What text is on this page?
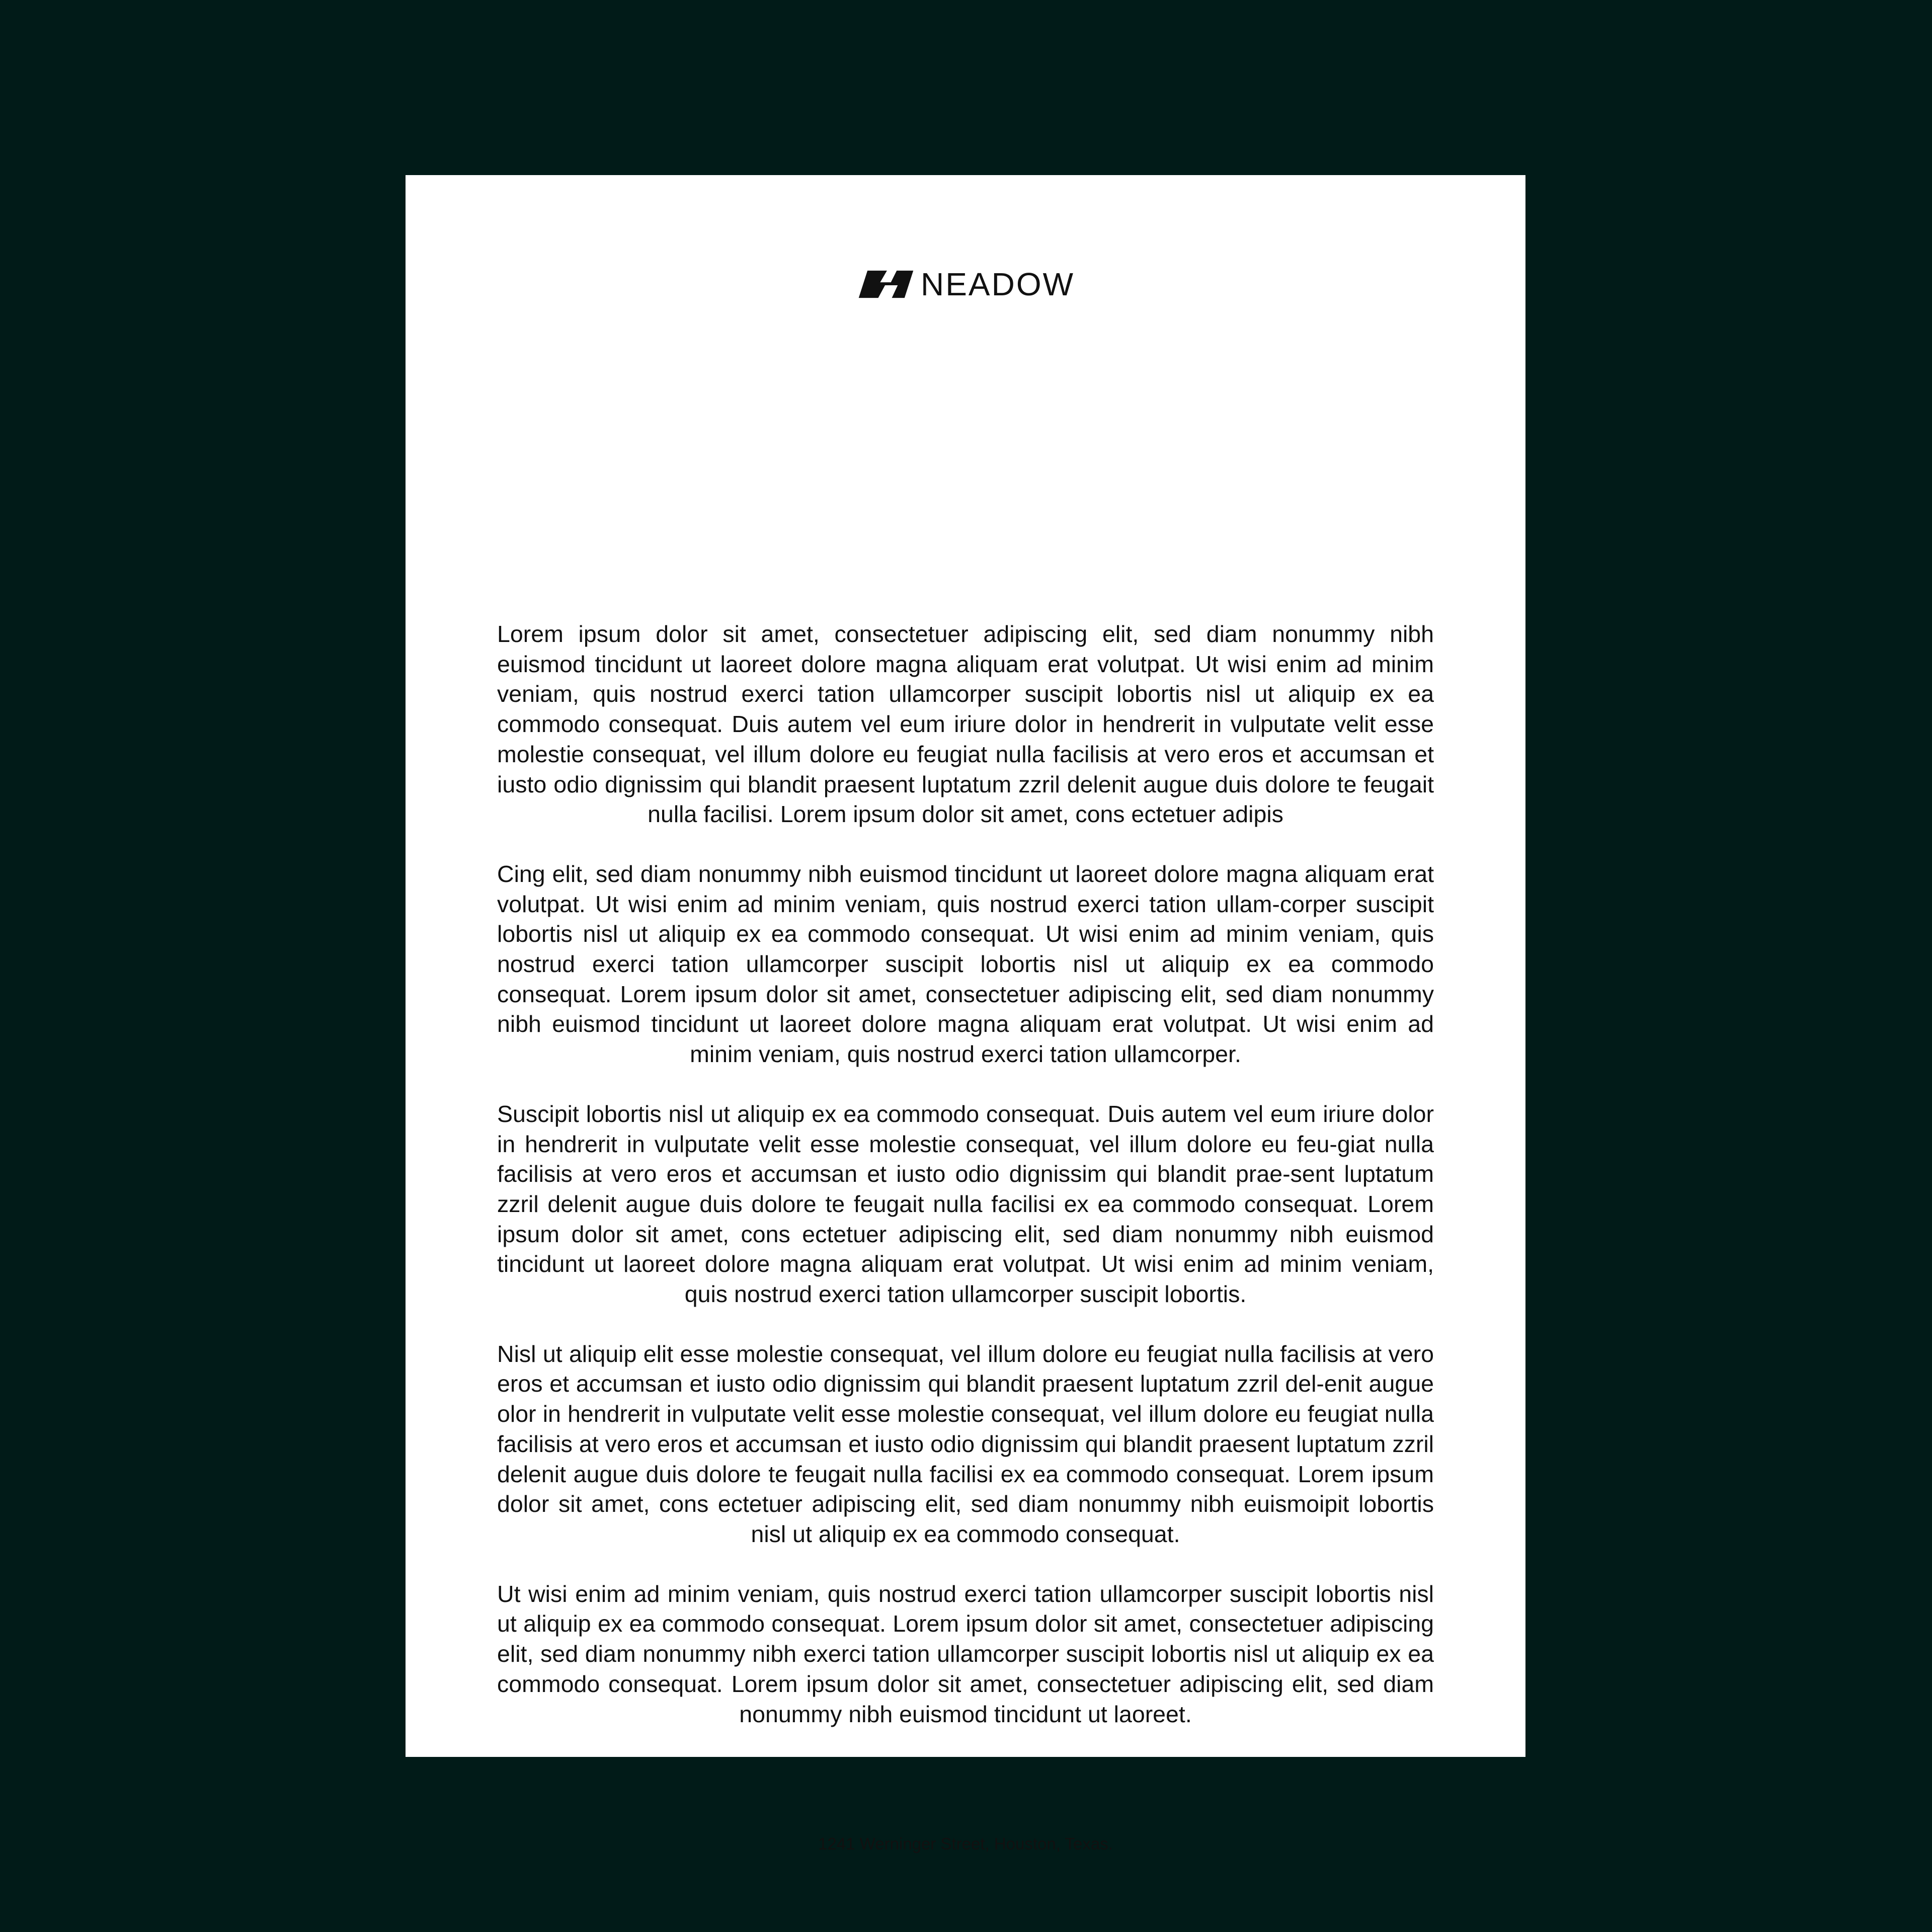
NEADOW

Lorem ipsum dolor sit amet, consectetuer adipiscing elit, sed diam nonummy nibh euismod tincidunt ut laoreet dolore magna aliquam erat volutpat. Ut wisi enim ad minim veniam, quis nostrud exerci tation ullamcorper suscipit lobortis nisl ut aliquip ex ea commodo consequat. Duis autem vel eum iriure dolor in hendrerit in vulputate velit esse molestie consequat, vel illum dolore eu feugiat nulla facilisis at vero eros et accumsan et iusto odio dignissim qui blandit praesent luptatum zzril delenit augue duis dolore te feugait nulla facilisi. Lorem ipsum dolor sit amet, cons ectetuer adipis

Cing elit, sed diam nonummy nibh euismod tincidunt ut laoreet dolore magna aliquam erat volutpat. Ut wisi enim ad minim veniam, quis nostrud exerci tation ullam-corper suscipit lobortis nisl ut aliquip ex ea commodo consequat. Ut wisi enim ad minim veniam, quis nostrud exerci tation ullamcorper suscipit lobortis nisl ut aliquip ex ea commodo consequat. Lorem ipsum dolor sit amet, consectetuer adipiscing elit, sed diam nonummy nibh euismod tincidunt ut laoreet dolore magna aliquam erat volutpat. Ut wisi enim ad minim veniam, quis nostrud exerci tation ullamcorper.

Suscipit lobortis nisl ut aliquip ex ea commodo consequat. Duis autem vel eum iriure dolor in hendrerit in vulputate velit esse molestie consequat, vel illum dolore eu feu-giat nulla facilisis at vero eros et accumsan et iusto odio dignissim qui blandit prae-sent luptatum zzril delenit augue duis dolore te feugait nulla facilisi ex ea commodo consequat. Lorem ipsum dolor sit amet, cons ectetuer adipiscing elit, sed diam nonummy nibh euismod tincidunt ut laoreet dolore magna aliquam erat volutpat. Ut wisi enim ad minim veniam, quis nostrud exerci tation ullamcorper suscipit lobortis.

Nisl ut aliquip elit esse molestie consequat, vel illum dolore eu feugiat nulla facilisis at vero eros et accumsan et iusto odio dignissim qui blandit praesent luptatum zzril del-enit augue olor in hendrerit in vulputate velit esse molestie consequat, vel illum dolore eu feugiat nulla facilisis at vero eros et accumsan et iusto odio dignissim qui blandit praesent luptatum zzril delenit augue duis dolore te feugait nulla facilisi ex ea commodo consequat. Lorem ipsum dolor sit amet, cons ectetuer adipiscing elit, sed diam nonummy nibh euismoipit lobortis nisl ut aliquip ex ea commodo consequat.

Ut wisi enim ad minim veniam, quis nostrud exerci tation ullamcorper suscipit lobortis nisl ut aliquip ex ea commodo consequat. Lorem ipsum dolor sit amet, consectetuer adipiscing elit, sed diam nonummy nibh exerci tation ullamcorper suscipit lobortis nisl ut aliquip ex ea commodo consequat. Lorem ipsum dolor sit amet, consectetuer adipiscing elit, sed diam nonummy nibh euismod tincidunt ut laoreet.

1241 Werninger Street, Houston, Texas.
